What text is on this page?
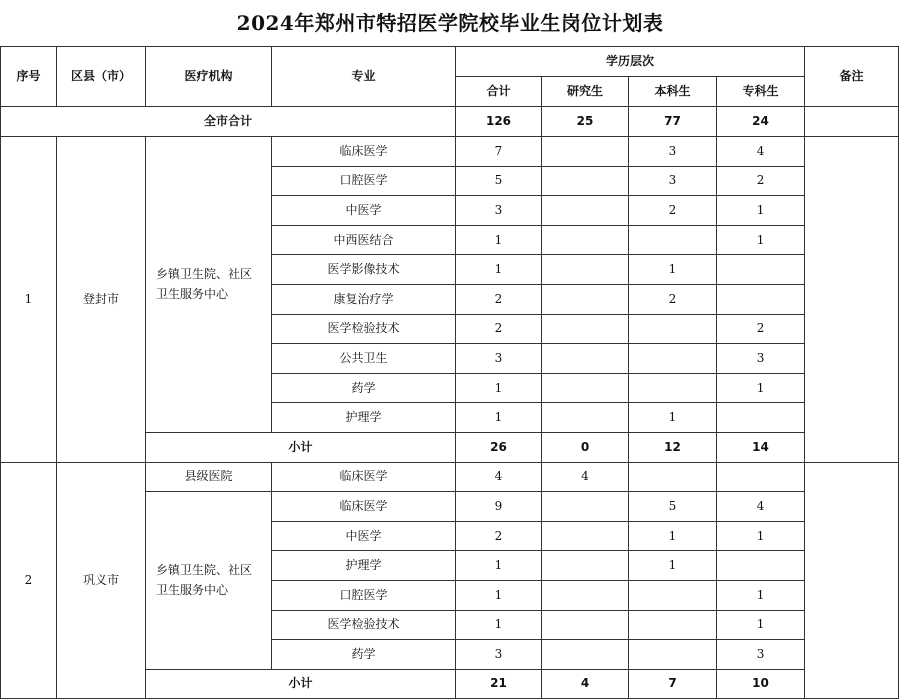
2024年郑州市特招医学院校毕业生岗位计划表
序号	区县（市）	医疗机构	专业	学历层次				备注
				合计	研究生	本科生	专科生	
全市合计				126	25	77	24	
1	登封市	乡镇卫生院、社区卫生服务中心	临床医学	7		3	4	
			口腔医学	5		3	2	
			中医学	3		2	1	
			中西医结合	1			1	
			医学影像技术	1		1		
			康复治疗学	2		2		
			医学检验技术	2			2	
			公共卫生	3			3	
			药学	1			1	
			护理学	1		1		
		小计		26	0	12	14	
2	巩义市	县级医院	临床医学	4	4			
		乡镇卫生院、社区卫生服务中心	临床医学	9		5	4	
			中医学	2		1	1	
			护理学	1		1		
			口腔医学	1			1	
			医学检验技术	1			1	
			药学	3			3	
		小计		21	4	7	10	
